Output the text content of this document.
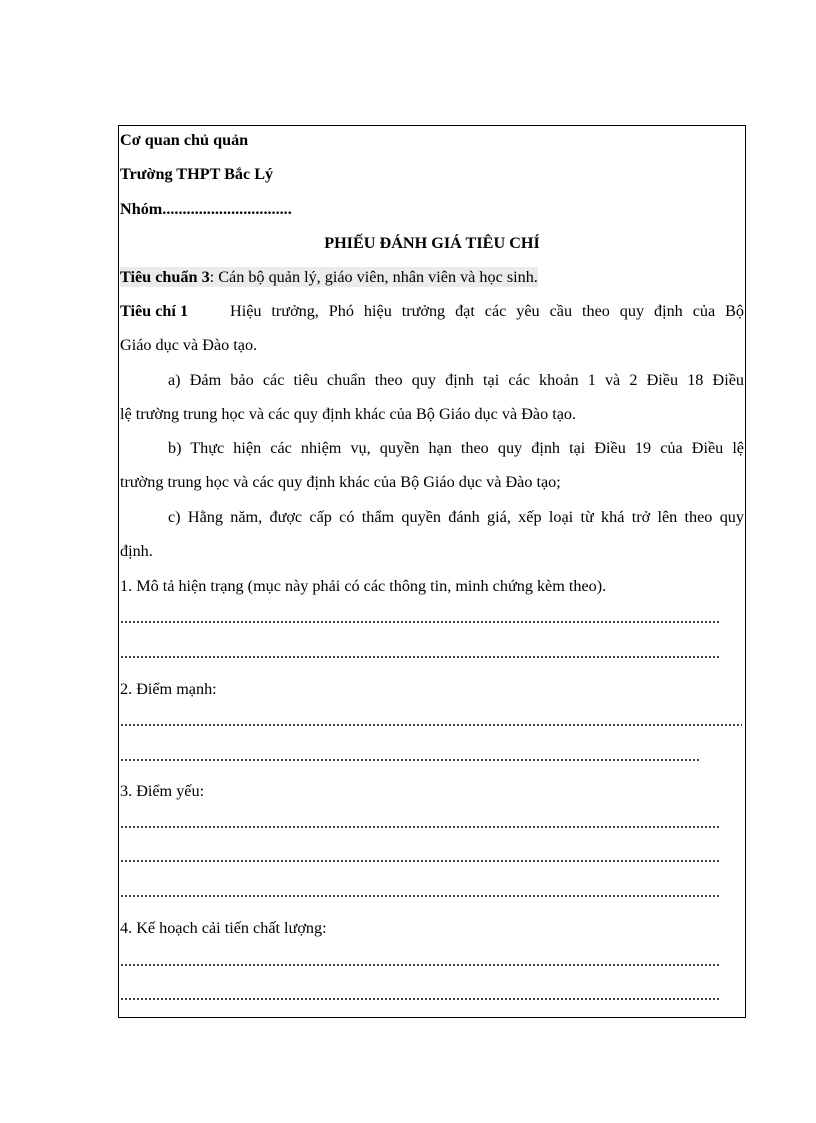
Cơ quan chủ quản
Trường THPT Bắc Lý
Nhóm................................
PHIẾU ĐÁNH GIÁ TIÊU CHÍ
Tiêu chuẩn 3: Cán bộ quản lý, giáo viên, nhân viên và học sinh.
Tiêu chí 1	Hiệu trưởng, Phó hiệu trưởng đạt các yêu cầu theo quy định của Bộ
Giáo dục và Đào tạo.
a) Đảm bảo các tiêu chuẩn theo quy định tại các khoản 1 và 2 Điều 18 Điều
lệ trường trung học và các quy định khác của Bộ Giáo dục và Đào tạo.
b) Thực hiện các nhiệm vụ, quyền hạn theo quy định tại Điều 19 của Điều lệ
trường trung học và các quy định khác của Bộ Giáo dục và Đào tạo;
c) Hằng năm, được cấp có thẩm quyền đánh giá, xếp loại từ khá trở lên theo quy
định.
1. Mô tả hiện trạng (mục này phải có các thông tin, minh chứng kèm theo).
2. Điểm mạnh:
3. Điểm yếu:
4. Kế hoạch cải tiến chất lượng:
